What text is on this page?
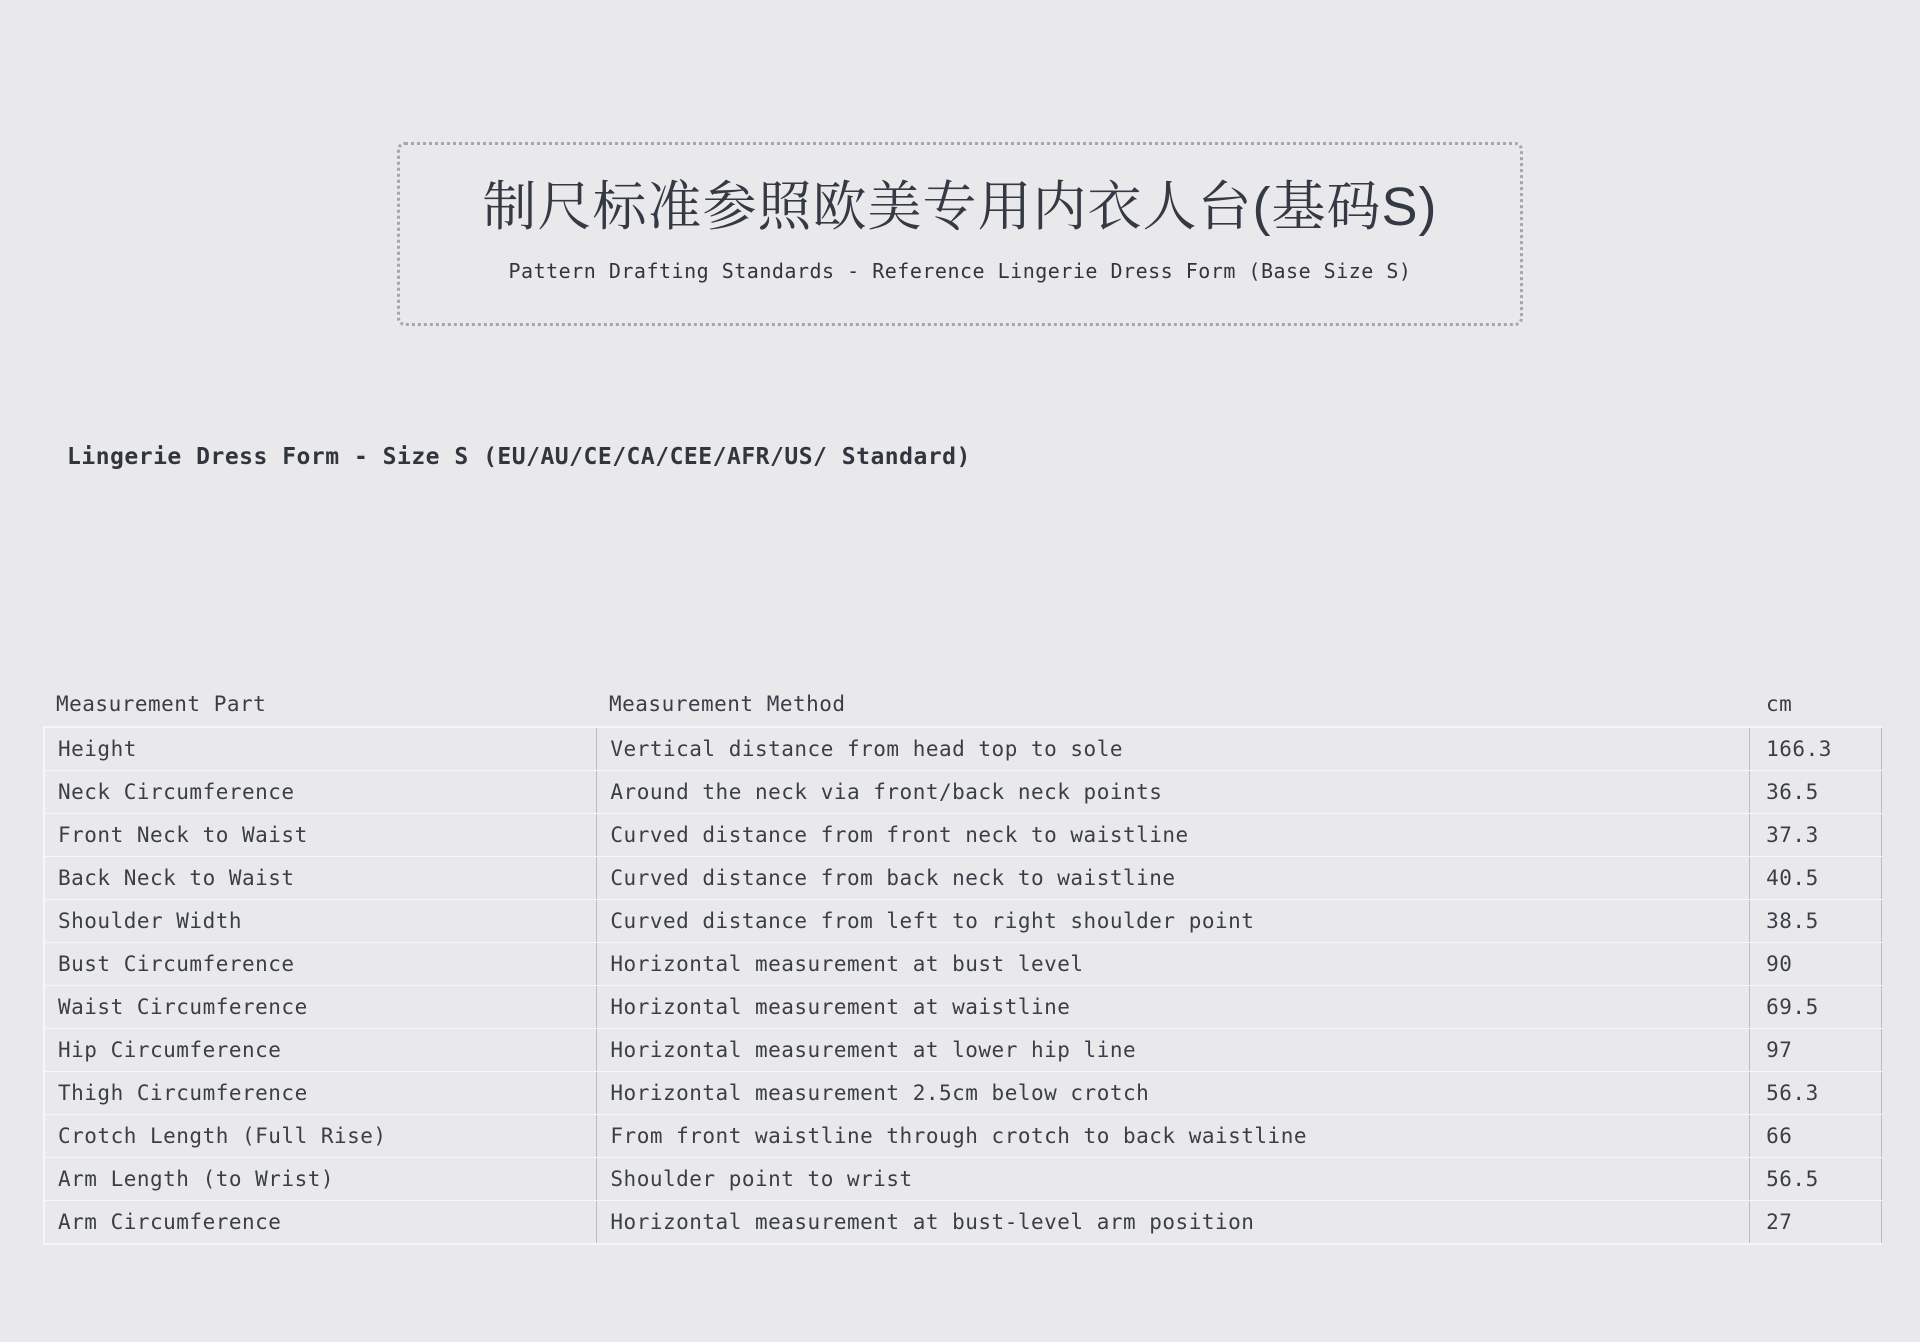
制尺标准参照欧美专用内衣人台(基码S)
Pattern Drafting Standards - Reference Lingerie Dress Form (Base Size S)
Lingerie Dress Form - Size S (EU/AU/CE/CA/CEE/AFR/US/ Standard)
Measurement Part	Measurement Method	cm
Height	Vertical distance from head top to sole	166.3
Neck Circumference	Around the neck via front/back neck points	36.5
Front Neck to Waist	Curved distance from front neck to waistline	37.3
Back Neck to Waist	Curved distance from back neck to waistline	40.5
Shoulder Width	Curved distance from left to right shoulder point	38.5
Bust Circumference	Horizontal measurement at bust level	90
Waist Circumference	Horizontal measurement at waistline	69.5
Hip Circumference	Horizontal measurement at lower hip line	97
Thigh Circumference	Horizontal measurement 2.5cm below crotch	56.3
Crotch Length (Full Rise)	From front waistline through crotch to back waistline	66
Arm Length (to Wrist)	Shoulder point to wrist	56.5
Arm Circumference	Horizontal measurement at bust-level arm position	27
